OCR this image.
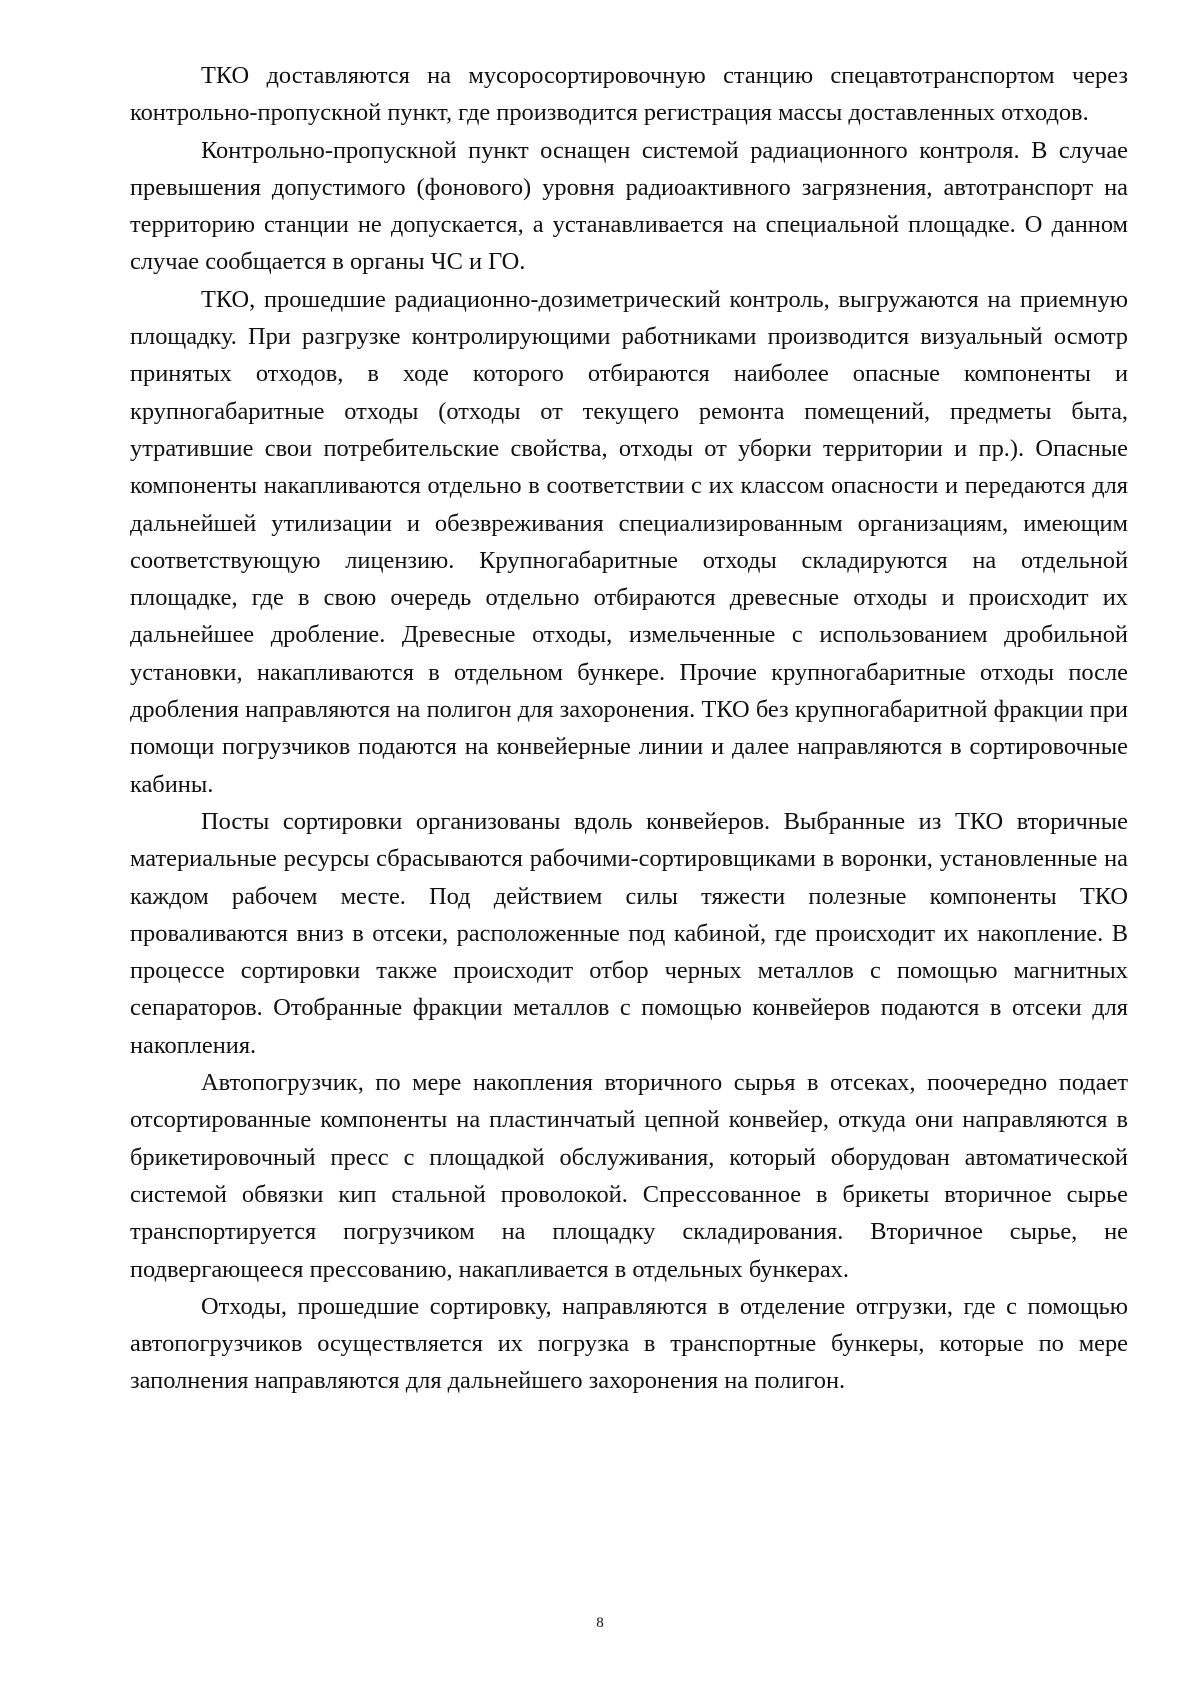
ТКО доставляются на мусоросортировочную станцию спецавтотранспортом через контрольно-пропускной пункт, где производится регистрация массы доставленных отходов.

Контрольно-пропускной пункт оснащен системой радиационного контроля. В случае превышения допустимого (фонового) уровня радиоактивного загрязнения, автотранспорт на территорию станции не допускается, а устанавливается на специальной площадке. О данном случае сообщается в органы ЧС и ГО.

ТКО, прошедшие радиационно-дозиметрический контроль, выгружаются на приемную площадку. При разгрузке контролирующими работниками производится визуальный осмотр принятых отходов, в ходе которого отбираются наиболее опасные компоненты и крупногабаритные отходы (отходы от текущего ремонта помещений, предметы быта, утратившие свои потребительские свойства, отходы от уборки территории и пр.). Опасные компоненты накапливаются отдельно в соответствии с их классом опасности и передаются для дальнейшей утилизации и обезвреживания специализированным организациям, имеющим соответствующую лицензию. Крупногабаритные отходы складируются на отдельной площадке, где в свою очередь отдельно отбираются древесные отходы и происходит их дальнейшее дробление. Древесные отходы, измельченные с использованием дробильной установки, накапливаются в отдельном бункере. Прочие крупногабаритные отходы после дробления направляются на полигон для захоронения. ТКО без крупногабаритной фракции при помощи погрузчиков подаются на конвейерные линии и далее направляются в сортировочные кабины.

Посты сортировки организованы вдоль конвейеров. Выбранные из ТКО вторичные материальные ресурсы сбрасываются рабочими-сортировщиками в воронки, установленные на каждом рабочем месте. Под действием силы тяжести полезные компоненты ТКО проваливаются вниз в отсеки, расположенные под кабиной, где происходит их накопление. В процессе сортировки также происходит отбор черных металлов с помощью магнитных сепараторов. Отобранные фракции металлов с помощью конвейеров подаются в отсеки для накопления.

Автопогрузчик, по мере накопления вторичного сырья в отсеках, поочередно подает отсортированные компоненты на пластинчатый цепной конвейер, откуда они направляются в брикетировочный пресс с площадкой обслуживания, который оборудован автоматической системой обвязки кип стальной проволокой. Спрессованное в брикеты вторичное сырье транспортируется погрузчиком на площадку складирования. Вторичное сырье, не подвергающееся прессованию, накапливается в отдельных бункерах.

Отходы, прошедшие сортировку, направляются в отделение отгрузки, где с помощью автопогрузчиков осуществляется их погрузка в транспортные бункеры, которые по мере заполнения направляются для дальнейшего захоронения на полигон.

8
